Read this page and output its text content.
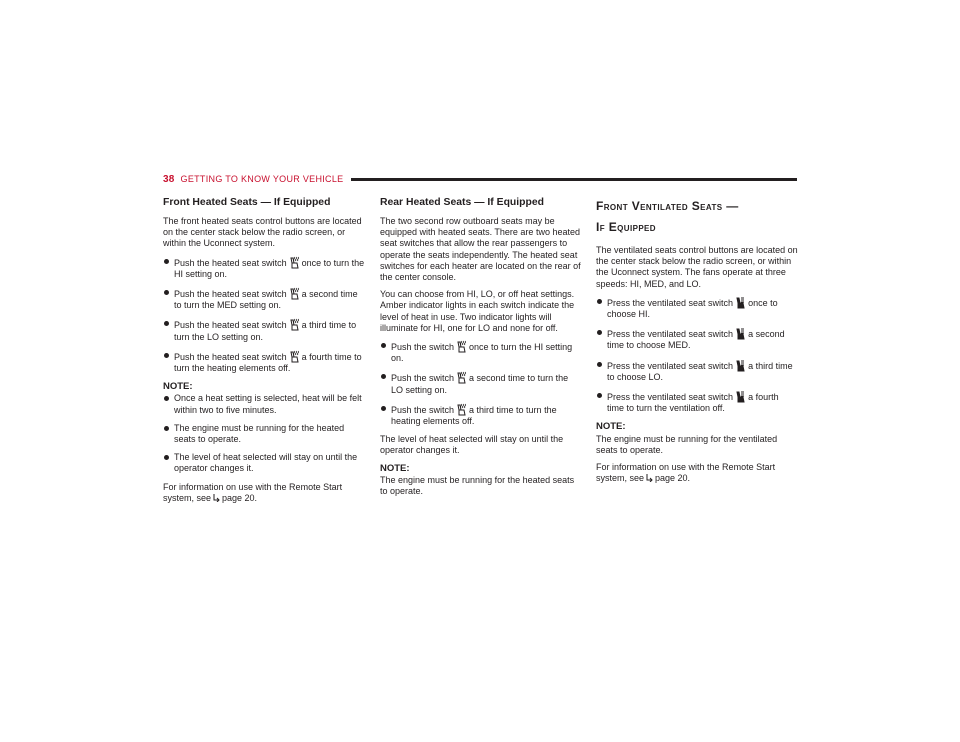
38 GETTING TO KNOW YOUR VEHICLE
Front Heated Seats — If Equipped

The front heated seats control buttons are located on the center stack below the radio screen, or within the Uconnect system.

Push the heated seat switch once to turn the HI setting on.
Push the heated seat switch a second time to turn the MED setting on.
Push the heated seat switch a third time to turn the LO setting on.
Push the heated seat switch a fourth time to turn the heating elements off.
NOTE:
Once a heat setting is selected, heat will be felt within two to five minutes.
The engine must be running for the heated seats to operate.
The level of heat selected will stay on until the operator changes it.

For information on use with the Remote Start system, see page 20.

Rear Heated Seats — If Equipped

The two second row outboard seats may be equipped with heated seats. There are two heated seat switches that allow the rear passengers to operate the seats independently. The heated seat switches for each heater are located on the rear of the center console.

You can choose from HI, LO, or off heat settings. Amber indicator lights in each switch indicate the level of heat in use. Two indicator lights will illuminate for HI, one for LO and none for off.

Push the switch once to turn the HI setting on.
Push the switch a second time to turn the LO setting on.
Push the switch a third time to turn the heating elements off.

The level of heat selected will stay on until the operator changes it.

NOTE:

The engine must be running for the heated seats to operate.

Front Ventilated Seats —
If Equipped

The ventilated seats control buttons are located on the center stack below the radio screen, or within the Uconnect system. The fans operate at three speeds: HI, MED, and LO.

Press the ventilated seat switch once to choose HI.
Press the ventilated seat switch a second time to choose MED.
Press the ventilated seat switch a third time to choose LO.
Press the ventilated seat switch a fourth time to turn the ventilation off.
NOTE:

The engine must be running for the ventilated seats to operate.

For information on use with the Remote Start system, see page 20.
